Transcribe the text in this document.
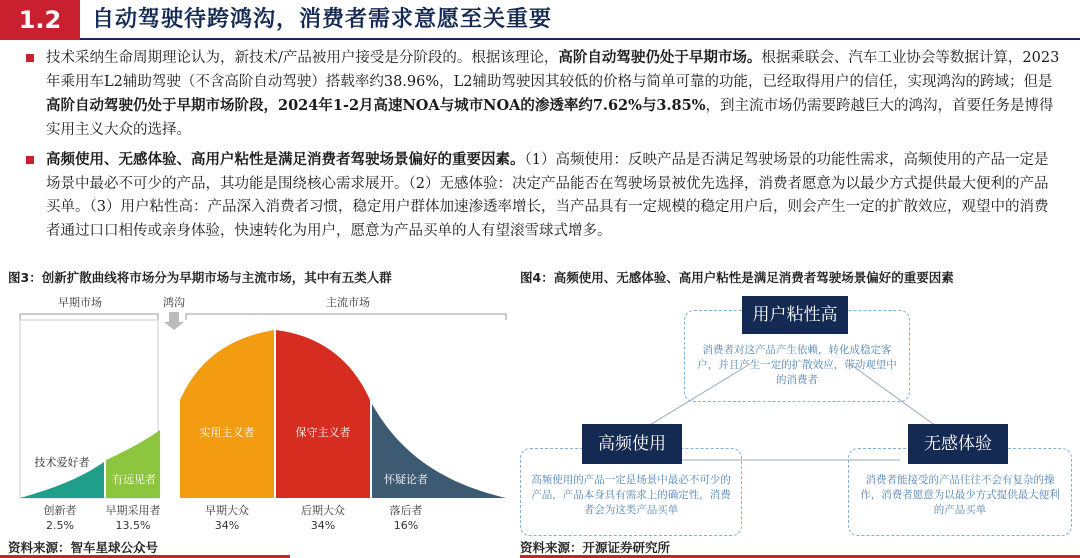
1.2	自动驾驶待跨鸿沟，消费者需求意愿至关重要
技术采纳生命周期理论认为，新技术/产品被用户接受是分阶段的。根据该理论，高阶自动驾驶仍处于早期市场。根据乘联会、汽车工业协会等数据计算，2023年乘用车L2辅助驾驶（不含高阶自动驾驶）搭载率约38.96%，L2辅助驾驶因其较低的价格与简单可靠的功能，已经取得用户的信任，实现鸿沟的跨域；但是高阶自动驾驶仍处于早期市场阶段，2024年1-2月高速NOA与城市NOA的渗透率约7.62%与3.85%，到主流市场仍需要跨越巨大的鸿沟，首要任务是博得实用主义大众的选择。
高频使用、无感体验、高用户粘性是满足消费者驾驶场景偏好的重要因素。（1）高频使用：反映产品是否满足驾驶场景的功能性需求，高频使用的产品一定是场景中最必不可少的产品，其功能是围绕核心需求展开。（2）无感体验：决定产品能否在驾驶场景被优先选择，消费者愿意为以最少方式提供最大便利的产品买单。（3）用户粘性高：产品深入消费者习惯，稳定用户群体加速渗透率增长，当产品具有一定规模的稳定用户后，则会产生一定的扩散效应，观望中的消费者通过口口相传或亲身体验，快速转化为用户，愿意为产品买单的人有望滚雪球式增多。
图3：创新扩散曲线将市场分为早期市场与主流市场，其中有五类人群
早期市场	鸿沟	主流市场
技术爱好者
有远见者
实用主义者	保守主义者
怀疑论者
创新者	早期采用者	早期大众	后期大众	落后者
2.5%	13.5%	34%	34%	16%
资料来源：智车星球公众号
图4：高频使用、无感体验、高用户粘性是满足消费者驾驶场景偏好的重要因素
消费者对这产品产生依赖，转化成稳定客户，并且产生一定的扩散效应，带动观望中的消费者
用户粘性高
高频使用的产品一定是场景中最必不可少的产品，产品本身具有需求上的确定性，消费者会为这类产品买单
高频使用
消费者能接受的产品往往不会有复杂的操作，消费者愿意为以最少方式提供最大便利的产品买单
无感体验
资料来源：开源证券研究所
